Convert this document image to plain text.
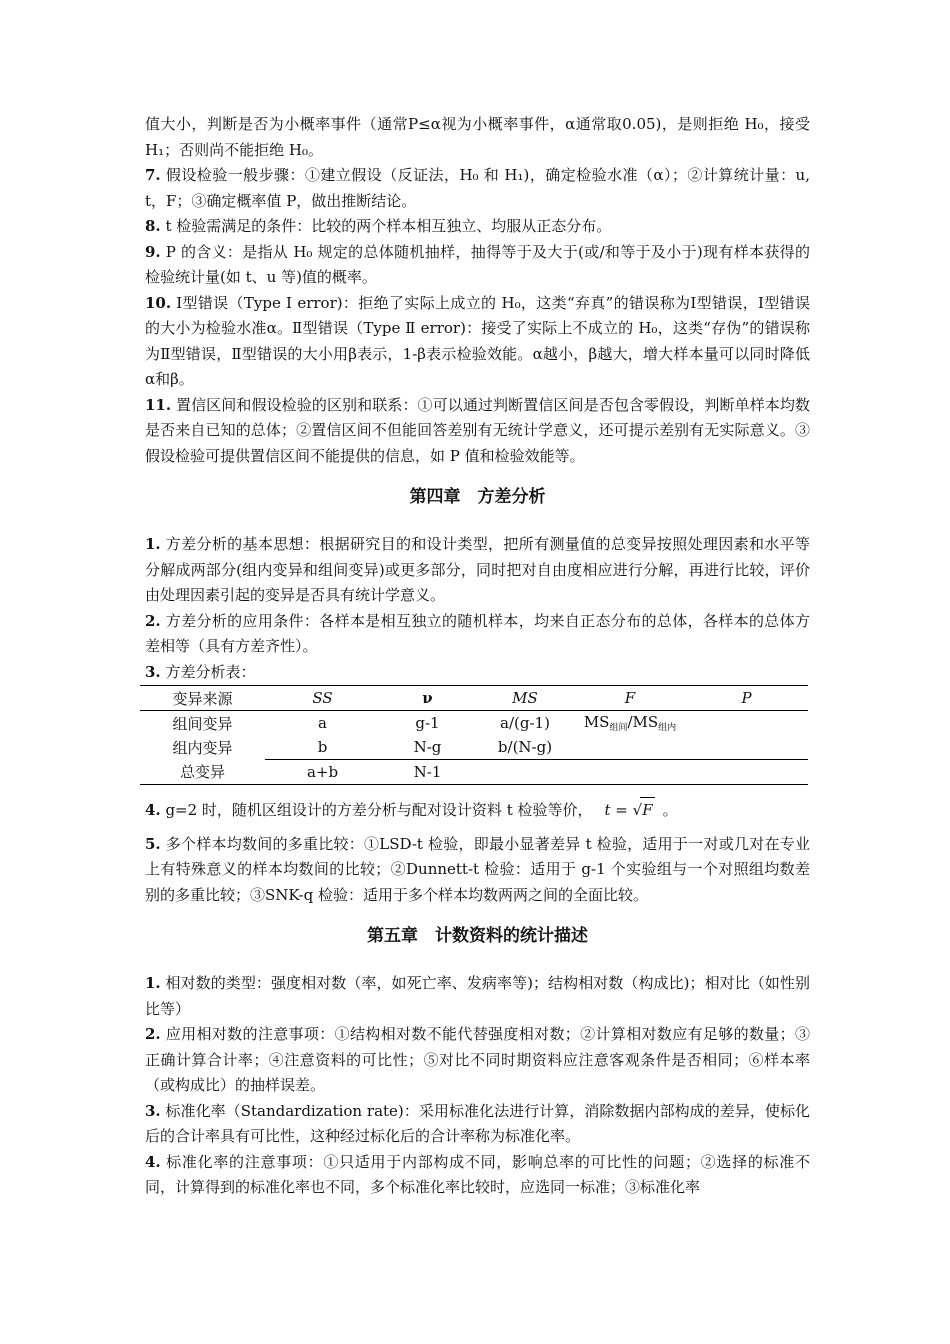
值大小，判断是否为小概率事件（通常P≤α视为小概率事件，α通常取0.05)，是则拒绝 H₀，接受 H₁；否则尚不能拒绝 H₀。

7. 假设检验一般步骤：①建立假设（反证法，H₀ 和 H₁)，确定检验水准（α）；②计算统计量：u, t，F；③确定概率值 P，做出推断结论。

8. t 检验需满足的条件：比较的两个样本相互独立、均服从正态分布。

9. P 的含义：是指从 H₀ 规定的总体随机抽样，抽得等于及大于(或/和等于及小于)现有样本获得的检验统计量(如 t、u 等)值的概率。

10. Ⅰ型错误（Type Ⅰ error)：拒绝了实际上成立的 H₀，这类“弃真”的错误称为Ⅰ型错误，Ⅰ型错误的大小为检验水准α。Ⅱ型错误（Type Ⅱ error)：接受了实际上不成立的 H₀，这类“存伪”的错误称为Ⅱ型错误，Ⅱ型错误的大小用β表示，1-β表示检验效能。α越小，β越大，增大样本量可以同时降低α和β。

11. 置信区间和假设检验的区别和联系：①可以通过判断置信区间是否包含零假设，判断单样本均数是否来自已知的总体；②置信区间不但能回答差别有无统计学意义，还可提示差别有无实际意义。③假设检验可提供置信区间不能提供的信息，如 P 值和检验效能等。

第四章　方差分析

1. 方差分析的基本思想：根据研究目的和设计类型，把所有测量值的总变异按照处理因素和水平等分解成两部分(组内变异和组间变异)或更多部分，同时把对自由度相应进行分解，再进行比较，评价由处理因素引起的变异是否具有统计学意义。

2. 方差分析的应用条件：各样本是相互独立的随机样本，均来自正态分布的总体，各样本的总体方差相等（具有方差齐性）。

3. 方差分析表：

变异来源	SS	ν	MS	F	P
组间变异	a	g-1	a/(g-1)	$MS_{组间}/MS_{组内}$	
组内变异	b	N-g	b/(N-g)		
总变异	a+b	N-1			

4. g=2 时，随机区组设计的方差分析与配对设计资料 t 检验等价， t = √F 。

5. 多个样本均数间的多重比较：①LSD-t 检验，即最小显著差异 t 检验，适用于一对或几对在专业上有特殊意义的样本均数间的比较；②Dunnett-t 检验：适用于 g-1 个实验组与一个对照组均数差别的多重比较；③SNK-q 检验：适用于多个样本均数两两之间的全面比较。

第五章　计数资料的统计描述

1. 相对数的类型：强度相对数（率，如死亡率、发病率等)；结构相对数（构成比)；相对比（如性别比等）

2. 应用相对数的注意事项：①结构相对数不能代替强度相对数；②计算相对数应有足够的数量；③正确计算合计率；④注意资料的可比性；⑤对比不同时期资料应注意客观条件是否相同；⑥样本率（或构成比）的抽样误差。

3. 标准化率（Standardization rate)：采用标准化法进行计算，消除数据内部构成的差异，使标化后的合计率具有可比性，这种经过标化后的合计率称为标准化率。

4. 标准化率的注意事项：①只适用于内部构成不同，影响总率的可比性的问题；②选择的标准不同，计算得到的标准化率也不同，多个标准化率比较时，应选同一标准；③标准化率
